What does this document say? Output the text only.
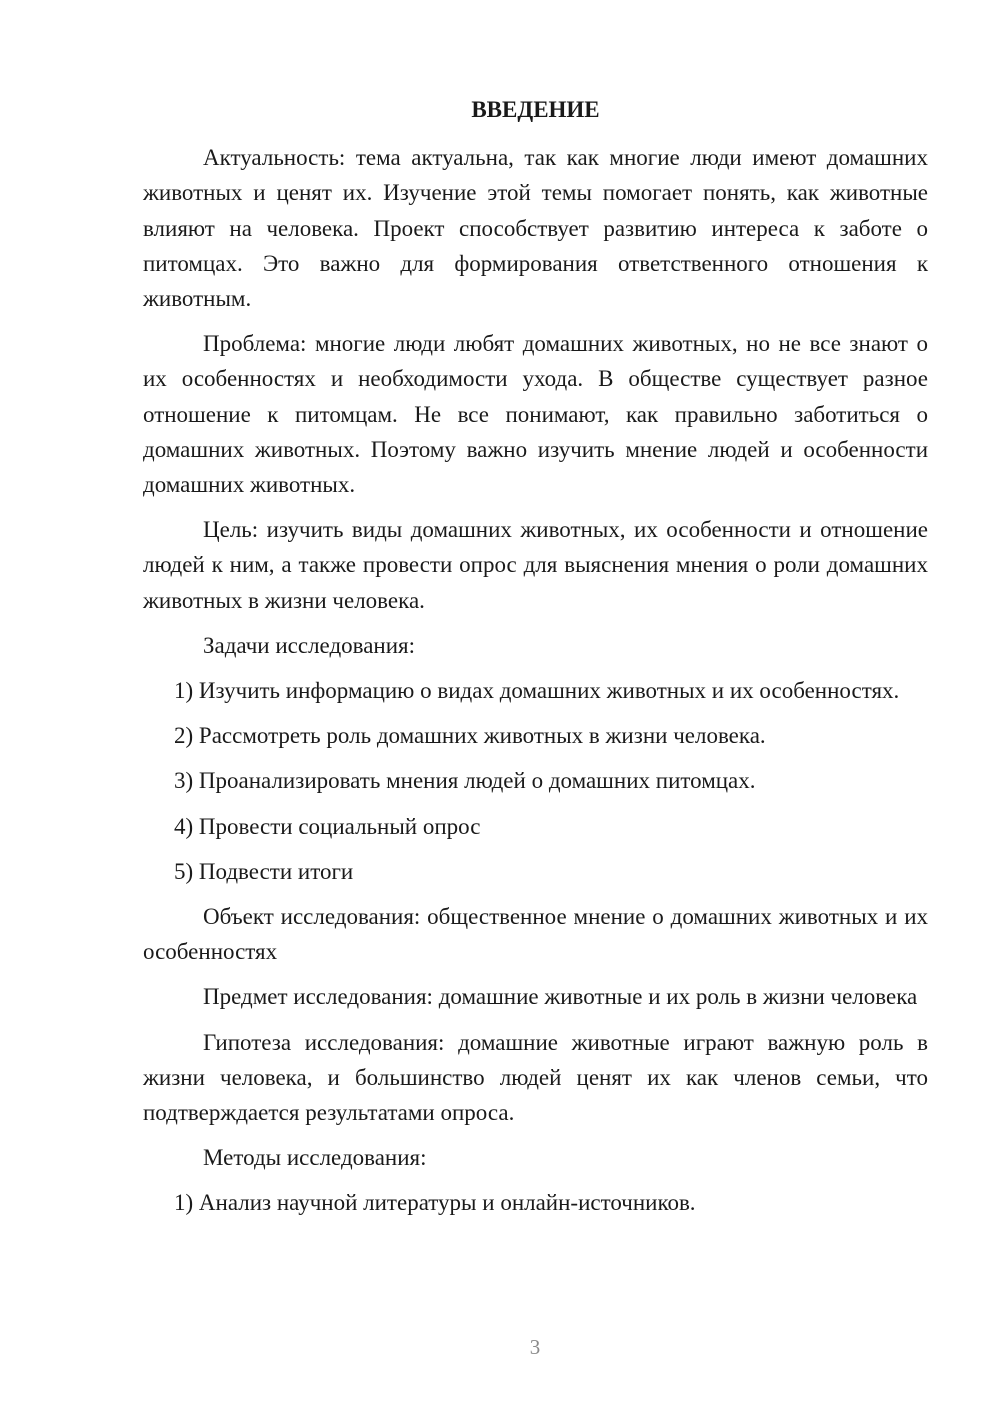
ВВЕДЕНИЕ

Актуальность: тема актуальна, так как многие люди имеют домашних животных и ценят их. Изучение этой темы помогает понять, как животные влияют на человека. Проект способствует развитию интереса к заботе о питомцах. Это важно для формирования ответственного отношения к животным.

Проблема: многие люди любят домашних животных, но не все знают о их особенностях и необходимости ухода. В обществе существует разное отношение к питомцам. Не все понимают, как правильно заботиться о домашних животных. Поэтому важно изучить мнение людей и особенности домашних животных.

Цель: изучить виды домашних животных, их особенности и отношение людей к ним, а также провести опрос для выяснения мнения о роли домашних животных в жизни человека.

Задачи исследования:

1) Изучить информацию о видах домашних животных и их особенностях.

2) Рассмотреть роль домашних животных в жизни человека.

3) Проанализировать мнения людей о домашних питомцах.

4) Провести социальный опрос

5) Подвести итоги

Объект исследования: общественное мнение о домашних животных и их особенностях

Предмет исследования: домашние животные и их роль в жизни человека

Гипотеза исследования: домашние животные играют важную роль в жизни человека, и большинство людей ценят их как членов семьи, что подтверждается результатами опроса.

Методы исследования:

1) Анализ научной литературы и онлайн-источников.

3
